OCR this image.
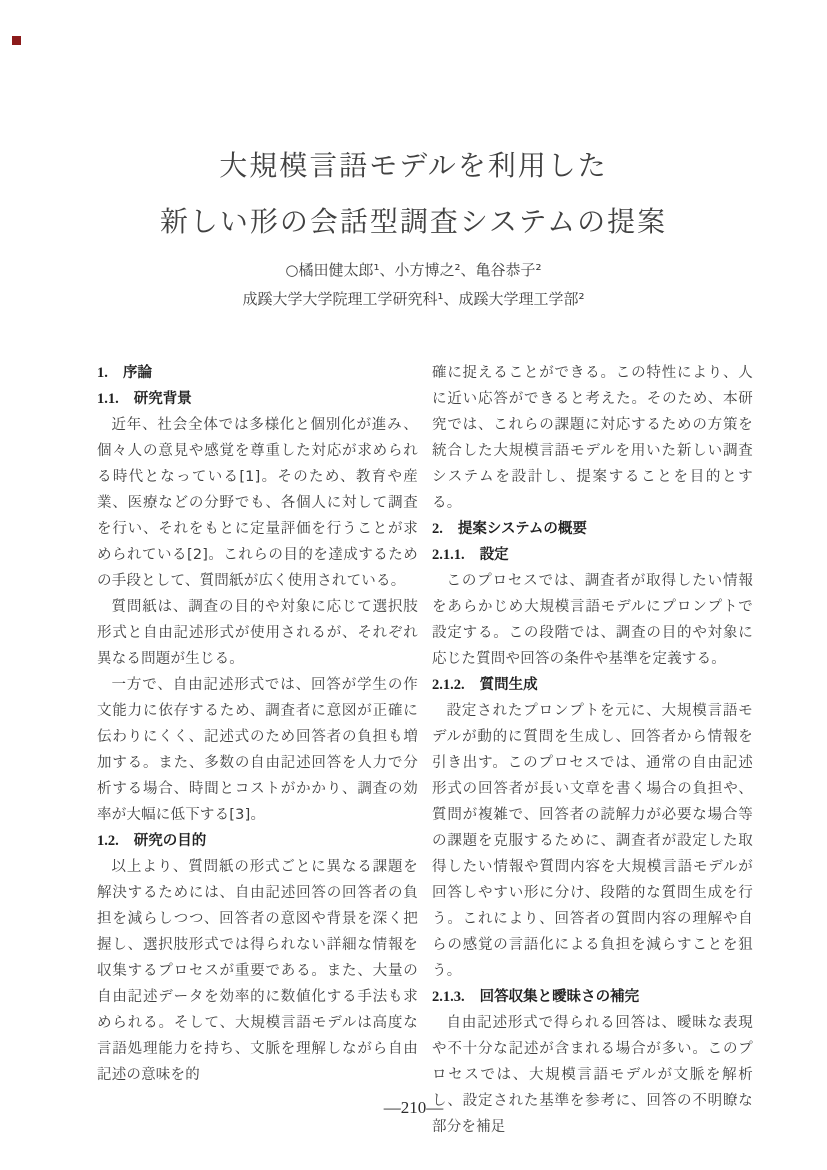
大規模言語モデルを利用した
新しい形の会話型調査システムの提案
○橘田健太郎¹、小方博之²、亀谷恭子²
成蹊大学大学院理工学研究科¹、成蹊大学理工学部²
1. 序論
1.1. 研究背景

近年、社会全体では多様化と個別化が進み、個々人の意見や感覚を尊重した対応が求められる時代となっている[1]。そのため、教育や産業、医療などの分野でも、各個人に対して調査を行い、それをもとに定量評価を行うことが求められている[2]。これらの目的を達成するための手段として、質問紙が広く使用されている。

質問紙は、調査の目的や対象に応じて選択肢形式と自由記述形式が使用されるが、それぞれ異なる問題が生じる。

一方で、自由記述形式では、回答が学生の作文能力に依存するため、調査者に意図が正確に伝わりにくく、記述式のため回答者の負担も増加する。また、多数の自由記述回答を人力で分析する場合、時間とコストがかかり、調査の効率が大幅に低下する[3]。

1.2. 研究の目的

以上より、質問紙の形式ごとに異なる課題を解決するためには、自由記述回答の回答者の負担を減らしつつ、回答者の意図や背景を深く把握し、選択肢形式では得られない詳細な情報を収集するプロセスが重要である。また、大量の自由記述データを効率的に数値化する手法も求められる。そして、大規模言語モデルは高度な言語処理能力を持ち、文脈を理解しながら自由記述の意味を的

確に捉えることができる。この特性により、人に近い応答ができると考えた。そのため、本研究では、これらの課題に対応するための方策を統合した大規模言語モデルを用いた新しい調査システムを設計し、提案することを目的とする。

2. 提案システムの概要
2.1.1. 設定

このプロセスでは、調査者が取得したい情報をあらかじめ大規模言語モデルにプロンプトで設定する。この段階では、調査の目的や対象に応じた質問や回答の条件や基準を定義する。

2.1.2. 質問生成

設定されたプロンプトを元に、大規模言語モデルが動的に質問を生成し、回答者から情報を引き出す。このプロセスでは、通常の自由記述形式の回答者が長い文章を書く場合の負担や、質問が複雑で、回答者の読解力が必要な場合等の課題を克服するために、調査者が設定した取得したい情報や質問内容を大規模言語モデルが回答しやすい形に分け、段階的な質問生成を行う。これにより、回答者の質問内容の理解や自らの感覚の言語化による負担を減らすことを狙う。

2.1.3. 回答収集と曖昧さの補完

自由記述形式で得られる回答は、曖昧な表現や不十分な記述が含まれる場合が多い。このプロセスでは、大規模言語モデルが文脈を解析し、設定された基準を参考に、回答の不明瞭な部分を補足

—210—
